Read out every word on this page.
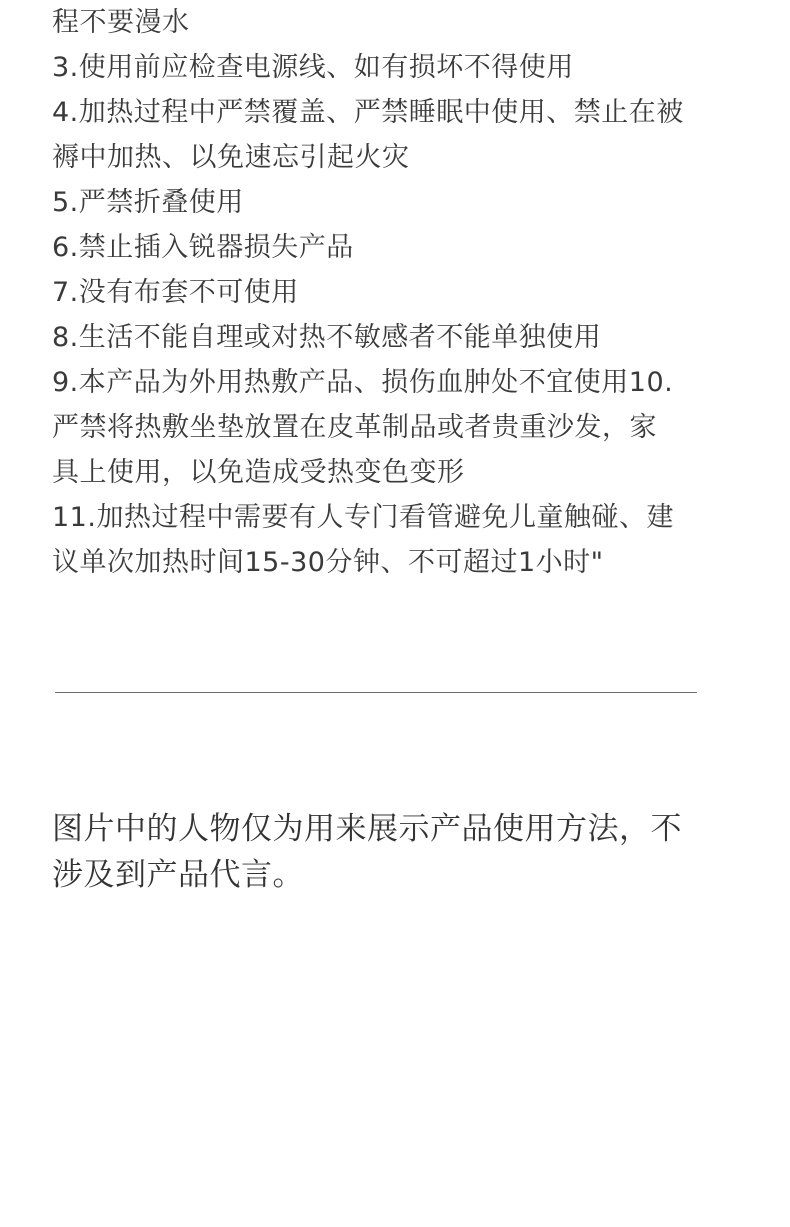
程不要漫水
3.使用前应检查电源线、如有损坏不得使用
4.加热过程中严禁覆盖、严禁睡眠中使用、禁止在被
褥中加热、以免速忘引起火灾
5.严禁折叠使用
6.禁止插入锐器损失产品
7.没有布套不可使用
8.生活不能自理或对热不敏感者不能单独使用
9.本产品为外用热敷产品、损伤血肿处不宜使用10.
严禁将热敷坐垫放置在皮革制品或者贵重沙发，家
具上使用，以免造成受热变色变形
11.加热过程中需要有人专门看管避免儿童触碰、建
议单次加热时间15-30分钟、不可超过1小时"
图片中的人物仅为用来展示产品使用方法，不
涉及到产品代言。
